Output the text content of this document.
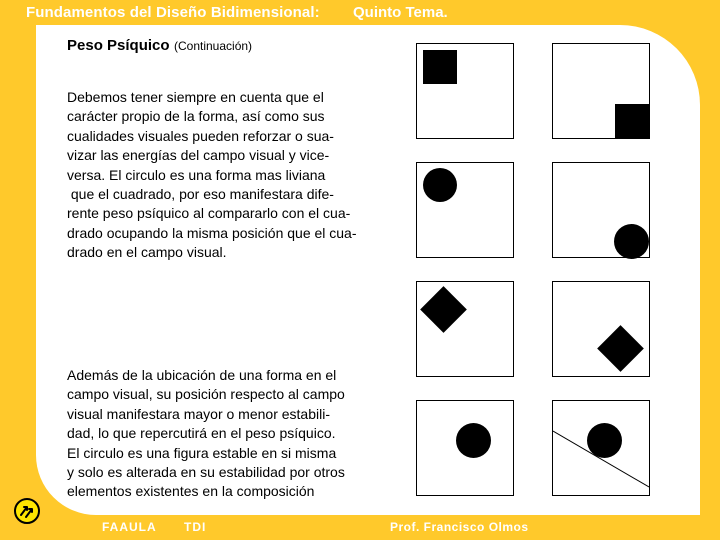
Fundamentos del Diseño Bidimensional: Quinto Tema.
Peso Psíquico (Continuación)
Debemos tener siempre en cuenta que el
carácter propio de la forma, así como sus
cualidades visuales pueden reforzar o sua-
vizar las energías del campo visual y vice-
versa. El circulo es una forma mas liviana
que el cuadrado, por eso manifestara dife-
rente peso psíquico al compararlo con el cua-
drado ocupando la misma posición que el cua-
drado en el campo visual.
Además de la ubicación de una forma en el
campo visual, su posición respecto al campo
visual manifestara mayor o menor estabili-
dad, lo que repercutirá en el peso psíquico.
El circulo es una figura estable en si misma
y solo es alterada en su estabilidad por otros
elementos existentes en la composición
FAAULA TDI	Prof. Francisco Olmos
